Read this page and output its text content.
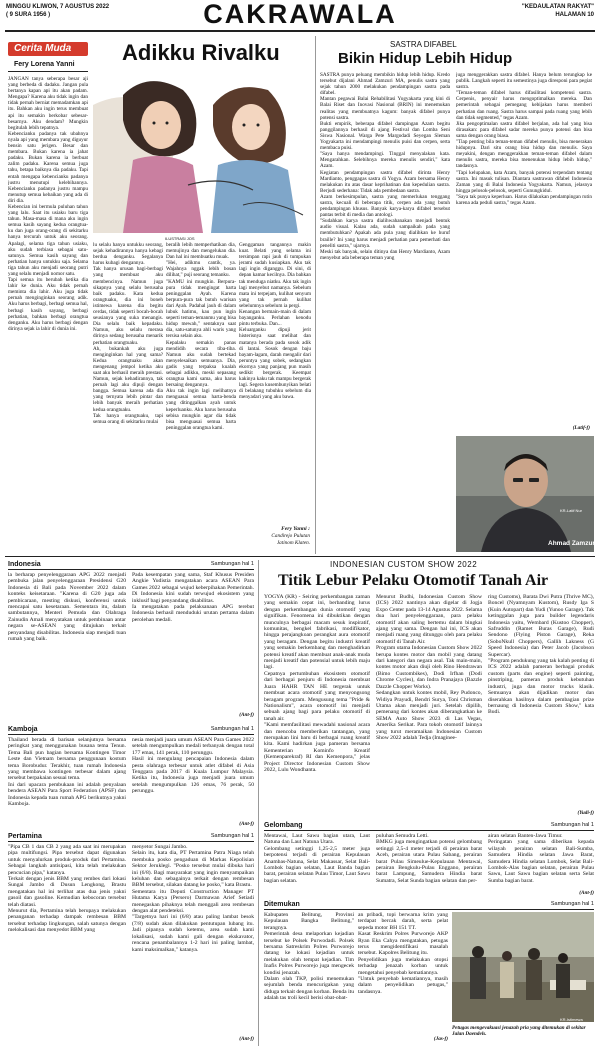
MINGGU KLIWON, 7 AGUSTUS 2022
( 9 SURA 1956 )	CAKRAWALA	"KEDAULATAN RAKYAT"
HALAMAN 10
Cerita Muda
Fery Lorena Yanni Adikku Rivalku
JANGAN tanya seberapa besar aji yang berbeda di dadaku. Jangan pula bertanya kapan api itu akan padam. Mengapa? Karena aku tidak ingin dan tidak pernah berniat memadamkan api itu. Bahkan aku ingin terus membuat api itu semakin berkobar sebesar-besarnya. Aku dendam? Mungkin begitulah lebih tepatnya.
Kebencianku padanya tak ubahnya nyala api yang membara yang diguyur bensin satu jerigen. Besar dan membara. Bukan karena ia jahat padaku. Bukan karena ia berbuat zalim padaku. Karena semua juga tahu, betapa baiknya dia padaku. Tapi entah mengapa kebencianku padanya justru menutupi kelebihannya. Kebencianku padanya justru mampu menutup semua kebaikan yang ada di diri dia.
Kebencian ini bermula puluhan tahun yang lalu. Saat itu usiaku baru tiga tahun. Masa-masa di mana aku ingin semua kasih sayang kedua orangtua-ku dan juga orang-orang di sekitarku hanya tercurah untuk aku seorang. Apalagi, selama tiga tahun usiaku, aku sudah terbiasa sebagai satu-satunya. Semua kasih sayang dan perhatian hanya untukku saja. Selama tiga tahun aku menjadi seorang putri yang selalu menjadi nomor satu.
Tapi semua itu berubah ketika dia lahir ke dunia. Aku tidak pernah meminta dia lahir. Aku juga tidak pernah menginginkan seorang adik. Aku harus berbagi, berbagi semua hal, berbagi kasih sayang, berbagi perhatian, bahkan berbagi orangtua denganku. Aku harus berbagi dengan dirinya sejak ia lahir di dunia ini.
ILUSTRASI JOS
lu selalu hanya untukku seorang, sejak kehadirannya hanya kebagi berdua denganku. Segalanya harus kubagi dengannya.
Tak hanya urusan bagi-berbagi yang membuat aku membencinya. Namun juga sikapnya yang selalu berusaha baik padaku. Kata kedua orangtuaku, dia ini boneh istimewa karena dia begitu cerdas, tidak seperti bocah-bocah seusianya yang suka menangis. Dia selalu baik kepadaku. Namun, aku selalu merasa dirinya sedang berusaha menarik perhatian orangtuaku.
Ah, bukankah aku juga menginginkan hal yang sama? Kedua orangtuaku akan mengenang jempol ketika aku saat aku berhasil meraih prestasi. Namun, sejak kehadirannya, tak pernah lagi aku dipuji dengan bangga. Semua karena ada dia yang ternyata lebih pintar dan lebih banyak meraih perhatian kedua orangtuaku.
Tak hanya orangtuaku, tapi semua orang di sekitarku mulai
beralih lebih memperhatikan dia, memujinya dan mengelukan dia. Dan hal ini membuatku muak.
"Hei, adikmu cantik, ya. Wajahnya nggak lebih bosan dilihat," puji seorang temanku.
"KAMU ini mungkin. Berpura-pura tidak mengingat harta peninggalan Ayah. Karena berpura-pura tak butuh warisan dari Ayah. Padahal jauh di dalam lubuk hatimu, kau pun ingin seperti teman-temanmu yang bisa hidup mewah," sentaknya saat dia, satu-satunya ahli waris yang tersisa selain aku.
Kepalaku semakin panas mendidih secara tiba-tiba. Namun aku sudah bertekad menyelesaikan semuanya. Dia, gadis yang terpaksa kualah sebagai adikku, meski sepasang orangtua kami sama, aku harus bersaing dengannya.
Aku tak ingin lagi melihatnya menguasai semua harta-benda yang ditinggalkan ayah untuk keperluanku. Aku harus berusaha sebisa mungkin agar dia tidak bisa menguasai semua harta peninggalan orangtua kami.
Genggaman tangannya makin kuat. Belati yang selama ini tersimpan rapi jauh di tumpukan jerami sudah kusiapkan. Aku tak lagi ingin diganggu. Di sini, di depan kamar kecilnya. Dia bahkan tak menduga niatku. Aku tak ingin lagi menyebut namanya. Sebelum mata ini terpejam, kulihat senyum yang tak pernah kulihat sebelumnya sebelum ia pergi.
Kenangan bermain-main di dalam bayanganku. Perlahan kenodu pintu terbuka. Dan...
Keluarganku dipuji jerit histerisnya saat melihat dan matanya berada pada sosok adik di lantai. Sosok dengan baju bayam-lagam, darah mengalir dari peruntya yang sobek, sedangkan ekornya yang panjang pun masih sedikit bergerak. Keempat kakinya kaku tak mampu bergerak lagi. Segera kusembunyikan belati di belakang tubuhku sebelum dia menyadari yang aku bawa.
Fery Yanni :
Candirejo Pulutan
Jatinom Klaten.
SASTRA DIFABEL
Bikin Hidup Lebih Hidup
SASTRA punya peluang membikin hidup lebih hidup. Kredo tersebut dijalani Ahmad Zamzuri MA, penulis sastra yang sejak tahun 2000 melakukan pendampingan sastra pada difabel.
Mantan pegawai Balai Rehabilitasi Yogyakarta yang kini di Balai Riset dan Inovasi Nasional (BRIN) ini menemukan realitas yang membuatnya kagum: banyak difabel punya potensi sastra.
Bukti empirik, beberapa difabel dampingan Azam begitu panggilannya berhasil di ajang Festival dan Lomba Seni Siswa Nasional. Warga Pete Margodadi Seyegan Sleman Yogyakarta ini mendampingi menulis puisi dan cerpen, serta membaca puisi.
"Saya hanya mendampingi. Tinggal menyalakan kata. Mengarahkan. Selebihnya mereka menulis sendiri," kata Azam.
Kegiatan pendampingan sastra difabel dirinta Henry Mardianto, penggagas sastra di Yogya. Azam bersama Henry melakukan itu atas dasar keprihatinan dan kepedulian sastra. Berjudi sederhana: Tidak ada pembedaan sastra.
Azam berkesimpulan, sastra yang memerlukan tenggang sastra, kecuali di beberapa titik, cerpen ada yang butuh pendampingan khusus. Banyak karya-karya difabel tersebut pantas terbit di media dan antologi.
"Sudahkan karya sastra dialihwahanakan menjadi bentuk audio visual. Kalau ada, sudah sampaikah pada yang membutuhkan? Apakah ada pula yang dialihkan ke huruf braille? Ini yang harus menjadi perhatian para pemerhati dan peneliti sastra," ujarnya.
Meski tak banyak, selain ditinya dan Henry Mardianto, Azam menyebut ada beberapa teman yang
juga menggerakkan sastra difabel. Hanya belum terungkap ke publik. Langkah seperti itu semestinya juga diresponi para pegiat sastra.
"Teman-teman difabel harus difasilitasi kompetensi sastra. Cerpenis, penyair harus mengoptimalkan mereka. Dan pemerintah sebagai pemegang kebijakan harus memberi perhatian dan ruang. Sastra harus sampai pada ruang yang lebih dan tidak segmented," tegas Azam.
Jika pengoptimalan sastra difabel berjalan, ada hal yang bisa dirasakan: para difabel sadar mereka punya potensi dan bisa sama dengan orang biasa.
"Tiap penting bila teman-teman difabel menulis, bisa menerakan hidupnya. Dari situ orang bisa hidup dan menulis. Saya meyakini, dengan menggerakkan teman-teman difabel dalam menulis sastra, mereka bisa menenukan hidup lebih hidup," tandasnya.
"Tapi kelupakan, kata Azam, banyak potensi terpendam tentang sastra. Ini masuk tulisan. Diantara sastrawan difabel Indonesia Zaman yang di Balai Indonesia Yogyakarta. Namun, jelasnya hingga pelosok-pelosok, seperti Gunungkidul.
"Saya tak punya keperluan. Harus dilakukan pendampingan rutin karena ada peduli sastra," tegas Azam.
(Latif-f)
KR-Latif Nur
Ahmad Zamzuri
Indonesia	Sambungan hal 1
la berharap penyelenggaraan APG 2022 menjadi pembuka jalan penyelenggaraan Presidensi G20 Indonesia di Bali pada November 2022 dalam konteks keisetaraan. "Karena di G20 juga ada pembicaraan, mesting diskusi, konferensi untuk mencapai satu kesetaraan. Sementara itu, dalam sambutannya, Menteri Pemuda dan Olahraga Zainudin Amali menyatakan untuk pembinaan antar negara se-ASEAN yang ditujukan terkait penyandang disabilitas. Indonesia siap menjadi tuan rumah yang baik.
Pada kesempatan yang sama, Staf Khusus Presiden Angkie Yudistia mengatakan acara ASEAN Para Games 2022 sebagai wujud keberpihakan Pemerintah. Di Indonesia kini sudah terwujud ekosistem yang inklusif bagi penyandang disabilitas.
Ia mengatakan pada pelaksanaan APG terebut Indonesia berhasil menduduki urutan pertama dalam perolehan medali.
(Ant-f)
Kamboja	Sambungan hal 1
Thailand berada di barisan selanjutnya bersama peringkat yang menggunakan busana tema Tenun. Tema Bali pun bagian bersama Kontingen Timor Leste dan Vietnam bersama penggunaan kostum tema Borobudur. Terakhir, tuan rumah Indonesia yang membawa kontingen terbesar dalam ajang tersebut berpakaian sesuai tema.
Ini dari upacara pembukaan ini adalah penyalaan bendera ASEAN Para Sport Federation (APSF) dan Indonesia kepada tuan rumah APG berikutnya yakni Kamboja.
nesia menjadi juara umum ASEAN Para Games 2022 setelah mengumpulkan medali terbanyak dengan total 177 emas, 141 perak, 110 perunggu.
Hasil ini mengulang pencapaian Indonesia dalam pesta olahraga terbesar untuk atlet difabel di Asia Tenggara pada 2017 di Kuala Lumpur Malaysia. Ketika itu, Indonesia juga menjadi juara umum setelah mengumpulkan 126 emas, 76 perak, 50 perunggu.
(Ant-f)
Pertamina	Sambungan hal 1
"Pipa CB 1 dan CB 2 yang ada saat ini merupakan pipa multifungsi. Pipa tersebut dapat digunakan untuk menyalurkan produk-produk dari Pertamina. Sebagai langkah antisipasi, kita telah melakukan pencucian pipa," katanya.
Terkait dengan jenis BBM yang rembes dari lokasi Sungai Jambo di Dusun Lengkong, Brastu mengatakan hal ini terlihat atas dua jenis yakni gasoil dan gasoline. Kemudian kebocoran tersebut telah diatasi.
Menurut dia, Pertamina telah berupaya melakukan penanganan terhadap dampak rembesan BBM tersebut terhadap lingkungan, salah satunya dengan melokalisasi dan menyedot BBM yang
menyetor Sungai Jambo.
Selain itu, kata dia, PT Pertamina Patra Niaga telah membuka posko pengaduan di Markas Kepolisian Sektor Jeruklegi. "Posko tersebut mulai dibuka hari ini (6/8). Bagi masyarakat yang ingin menyampaikan keluhan dan sebagainya terkait dengan rembesan BBM tersebut, silakan datang ke posko," kata Brastu.
Sementara itu Deputi Construction Manager PT Hutama Karya (Persero) Darmawan Arief Setiadi menegaskan pihaknya telah menggali area rembesan dengan alat pendeteksi.
"Targetnya hari ini (6/8) atau paling lambat besok (7/8) sudah akan dilakukan pentutupan lubang itu. Jadi pipanya sudah ketemu, area sudah kami lokalisasi, sudah kami gali dengan ekskavator, rencana penambalannya 1-2 hari ini paling lambat, kami maksimalkan," katanya.
(Ant-f)
INDONESIAN CUSTOM SHOW 2022
Titik Lebur Pelaku Otomotif Tanah Air
YOGYA (KR) - Seiring perkembangan zaman yang semakin cepat ini, berbanding lurus dengan perkembangan dunia otomotif yang signifikan. Fenomena ini dibuktikan dengan munculnya berbagai macam sesuk inspiratif, komunitas, bengkel fabrikasi, modifikator, hingga perajangkoan perangkat aura otomotif yang beragam. Dengan begitu industri kreatif yang semakin berkembang dan menghadirkan potensi kreatif akan membuat anak-anak muda menjadi kreatif dan potensial untuk lebih maju lagi.
Cepatnya pertumbuhan ekosistem otomotif dari berbagai penjuru di Indonesia membuat Juara HAHR TAN HE tergerak untuk membuat acara otomotif yang menyongsong beragam program. Mengusung tema "Pride & Nationalism", acara otomotif ini menjadi sebuah ajang bagi para pelaku otomotif di tanah air.
"Kami memfasilitasi mewadahi nasional acara dan mencoba memberikan tantangan, yang merupakan lini baru di berbagai ruang kreatif kita. Kami hadirkan juga pameran bersama Kementerian Kominfo Kreatif (Kemenparekraf) RI dan Kemenpora," jelas Project Director Indonesian Custom Show 2022, Lulu Wondhanta.
Menurut Budhi, Indonesian Custom Show (ICS) 2022 nantinya akan digelar di Jogja Expo Center pada 13-14 Agustus 2022. Selama dua hari penyelenggaraan, para pelaku otomotif akan saling bertemu dalam bingkai ajang yang sama. Dengan hal ini, ICS akan menjadi ruang yang ditunggu oleh para pelaku otomotif di Tanah Air.
Program utama Indonesian Custom Show 2022 berupa kontes motor dan mobil yang datang dari kategori dan negara asal. Tak main-main, kontes motor akan diuji oleh Rino Hendrawan (Bimo Custombikes), Dodi Irfhan (Dodi Chrome Cycles), dan Indra Pranajaya (Bazzle Dazzle Chopper Works).
Sedangkan untuk kontes mobil, Rey Pudonco, Widiya Prayudi, Bendri Surya, Toni Chrisman Utama akan menjadi juri. Setelah dipilih, pemenang dari kontes akan diberangkatkan ke SEMA Auto Show 2023 di Las Vegas, Amerika Serikat. Para tokoh otomotif lainnya yang turut meramaikan Indonesian Custom Show 2022 adalah Tedja (Imaginee-
ring Customs), Barata Dwi Putra (Thrive MC), Boncel (Nyamnyam Kustom), Rusdy Iga S (Kuin Autopart) dan Yudi (Yunoo Garage). Tak ketinggalan juga para builder legendaris Indonesia yaitu, Wembard (Kustoo Chopper), Safruddin (Ramet Buras Garage), Rudi Sendono (Flying Piston Garage), Reka (SoboNkull Choppers), Gallih Lakness (G Speed Indonesia) dan Peter Jacob (Jacobson Supercar).
"Program pendukung yang tak kalah penting di ICS 2022 adalah pameran berbagai produk custom (parts dan engine) seperti painting, pinstriping, pameran produk kebutuhan industri, juga dan motor trucks klasik. Semuanya akan dijadikan motor dan diserahkan hasilnya dalam pembagian prize bernaung di Indonesia Custom Show," kata Budi.
(Yudi-f)
Gelombang	Sambungan hal 1
Mentawai, Laut Sawu bagian utara, Laut Natuna dan Laut Natuna Utara.
Gelombang setinggi 1,25-2,5 meter juga berpotensi terjadi di perairan Kepulauan Anambas-Natuna, Selat Makassar, Selat Bali-Lombok bagian selatan, Laut Banda bagian barat, perairan selatan Pulau Timor, Laut Sawu bagian selatan.
puluhan Semudra Letti.
BMKG juga mengingatkan potensi gelombang setinggi 2,5-4 meter terjadi di perairan barat Aceh, perairan utara Pulau Sabang, perairan barat Pulau Simeulue-Kepulauan Mentawai, perairan Bengkulu-Pulau Enggano, perairan barat Lampung, Samudera Hindia barat Sumatra, Selat Sunda bagian selatan dan per-
airan selatan Banten-Jawa Timur.
Peringatan yang sama diberikan kepada wilayah perairan selatan Bali-Sumba, Samudera Hindia selatan Jawa Barat, Samudera Hindia selatan Lombok, Selat Bali-Lombok-Alas bagian selatan, perairan Pulau Sawu, Laut Sawu bagian selatan serta Selat Sumba bagian barat.
(Ant-f)
Ditemukan	Sambungan hal 1
Kabupaten Belitung, Provinsi Kepulauan Bangka Belitung," terangnya.
Pemerintah desa melaporkan kejadian tersebut ke Polsek Purwodadi. Polsek bersama Satreskrim Polres Purworejo datang ke lokasi kejadian untuk melakukan olah tempat kejadian. Tim Inafis Polres Purworejo juga mengecek kondisi jenazah.
Dalam olah TKP, polisi menemukan sejumlah benda mencurigakan yang diduga terkait dengan korban. Benda itu adalah tas troli kecil berisi obat-obat-
an pribadi, topi berwarna krim yang terdapat bercak darah, serta pelat sepeda motor BH 151 TT.
Kasat Reskrim Polres Purworejo AKP Ryan Eka Cahya mengatakan, petugas terus mengidentifikasi masalah tersebut. Kapolres Belitung itu.
Penyelidikan juga melakukan otopsi terhadap jenazah korban untuk mengetahui penyebab kematiannya.
"Untuk penyebab kematiannya, masih dalam penyelidikan petugas," tandasnya.
(Jas-f)
KR-Istimewa
Petugas mengevakuasi jenazah pria yang ditemukan di sekitar Jalan Daendels.
